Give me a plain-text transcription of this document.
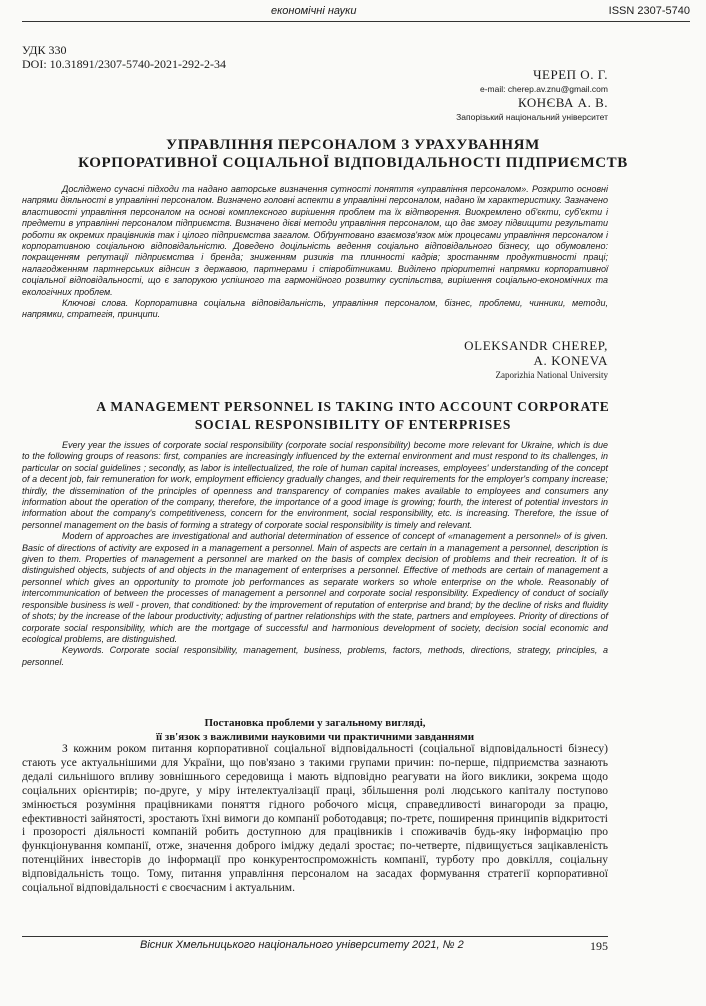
економічні науки	ISSN 2307-5740
УДК 330
DOI: 10.31891/2307-5740-2021-292-2-34
ЧЕРЕП О. Г.
e-mail: cherep.av.znu@gmail.com
КОНЄВА А. В.
Запорізький національний університет
УПРАВЛІННЯ ПЕРСОНАЛОМ З УРАХУВАННЯМ
КОРПОРАТИВНОЇ СОЦІАЛЬНОЇ ВІДПОВІДАЛЬНОСТІ ПІДПРИЄМСТВ

Досліджено сучасні підходи та надано авторське визначення сутності поняття «управління персоналом». Розкрито основні напрями діяльності в управлінні персоналом. Визначено головні аспекти в управлінні персоналом, надано їм характеристику. Зазначено властивості управління персоналом на основі комплексного вирішення проблем та їх відтворення. Виокремлено об'єкти, суб'єкти і предмети в управлінні персоналом підприємств. Визначено дієві методи управління персоналом, що дає змогу підвищити результати роботи як окремих працівників так і цілого підприємства загалом. Обґрунтовано взаємозв'язок між процесами управління персоналом і корпоративною соціальною відповідальністю. Доведено доцільність ведення соціально відповідального бізнесу, що обумовлено: покращенням репутації підприємства і бренда; зниженням ризиків та плинності кадрів; зростанням продуктивності праці; налагодженням партнерських віднсин з державою, партнерами і співробітниками. Виділено пріоритетні напрямки корпоративної соціальної відповідальності, що є запорукою успішного та гармонійного розвитку суспільства, вирішення соціально-економічних та екологічних проблем.

Ключові слова. Корпоративна соціальна відповідальність, управління персоналом, бізнес, проблеми, чинники, методи, напрямки, стратегія, принципи.

OLEKSANDR CHEREP,
A. KONEVA
Zaporizhia National University
A MANAGEMENT PERSONNEL IS TAKING INTO ACCOUNT CORPORATE
SOCIAL RESPONSIBILITY OF ENTERPRISES

Every year the issues of corporate social responsibility (corporate social responsibility) become more relevant for Ukraine, which is due to the following groups of reasons: first, companies are increasingly influenced by the external environment and must respond to its challenges, in particular on social guidelines ; secondly, as labor is intellectualized, the role of human capital increases, employees' understanding of the concept of a decent job, fair remuneration for work, employment efficiency gradually changes, and their requirements for the employer's company increase; thirdly, the dissemination of the principles of openness and transparency of companies makes available to employees and consumers any information about the operation of the company, therefore, the importance of a good image is growing; fourth, the interest of potential investors in information about the company's competitiveness, concern for the environment, social responsibility, etc. is increasing. Therefore, the issue of personnel management on the basis of forming a strategy of corporate social responsibility is timely and relevant.

Modern of approaches are investigational and authorial determination of essence of concept of «management a personnel» of is given. Basic of directions of activity are exposed in a management a personnel. Main of aspects are certain in a management a personnel, description is given to them. Properties of management a personnel are marked on the basis of complex decision of problems and their recreation. It of is distinguished objects, subjects of and objects in the management of enterprises a personnel. Effective of methods are certain of management a personnel which gives an opportunity to promote job performances as separate workers so whole enterprise on the whole. Reasonably of intercommunication of between the processes of management a personnel and corporate social responsibility. Expediency of conduct of socially responsible business is well - proven, that conditioned: by the improvement of reputation of enterprise and brand; by the decline of risks and fluidity of shots; by the increase of the labour productivity; adjusting of partner relationships with the state, partners and employees. Priority of directions of corporate social responsibility, which are the mortgage of successful and harmonious development of society, decision social economic and ecological problems, are distinguished.

Keywords. Corporate social responsibility, management, business, problems, factors, methods, directions, strategy, principles, a personnel.

Постановка проблеми у загальному вигляді,
її зв'язок з важливими науковими чи практичними завданнями

З кожним роком питання корпоративної соціальної відповідальності (соціальної відповідальності бізнесу) стають усе актуальнішими для України, що пов'язано з такими групами причин: по-перше, підприємства зазнають дедалі сильнішого впливу зовнішнього середовища і мають відповідно реагувати на його виклики, зокрема щодо соціальних орієнтирів; по-друге, у міру інтелектуалізації праці, збільшення ролі людського капіталу поступово змінюється розуміння працівниками поняття гідного робочого місця, справедливості винагороди за працю, ефективності зайнятості, зростають їхні вимоги до компанії роботодавця; по-третє, поширення принципів відкритості і прозорості діяльності компаній робить доступною для працівників і споживачів будь-яку інформацію про функціонування компанії, отже, значення доброго іміджу дедалі зростає; по-четверте, підвищується зацікавленість потенційних інвесторів до інформації про конкурентоспроможність компанії, турботу про довкілля, соціальну відповідальність тощо. Тому, питання управління персоналом на засадах формування стратегії корпоративної соціальної відповідальності є своєчасним і актуальним.

Вісник Хмельницького національного університету 2021, № 2	195
